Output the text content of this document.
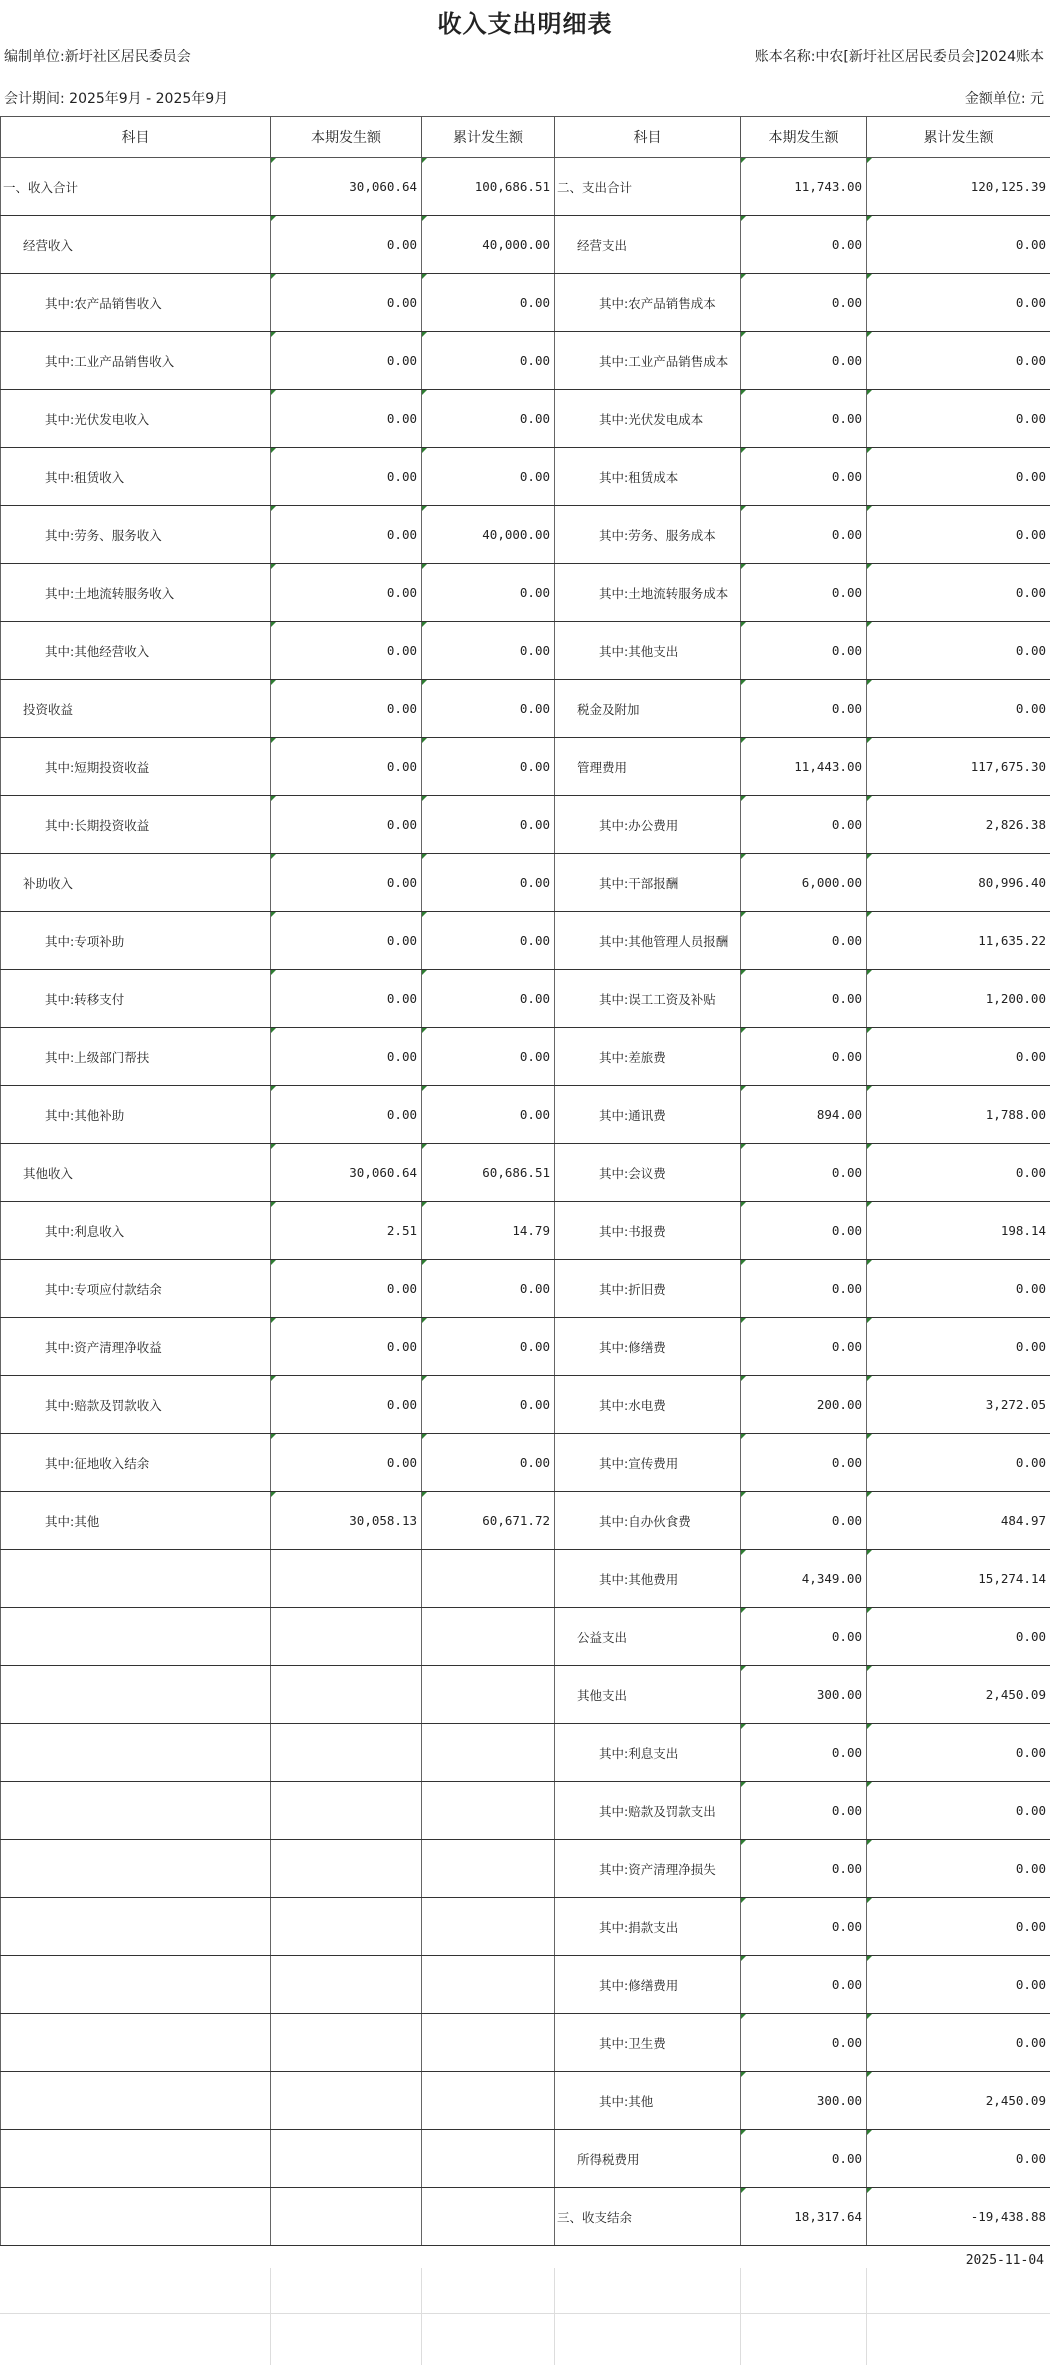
收入支出明细表
编制单位:新圩社区居民委员会	账本名称:中农[新圩社区居民委员会]2024账本
会计期间: 2025年9月 - 2025年9月	金额单位: 元
科目	本期发生额	累计发生额	科目	本期发生额	累计发生额
一、收入合计	30,060.64	100,686.51	二、支出合计	11,743.00	120,125.39
经营收入	0.00	40,000.00	经营支出	0.00	0.00
其中:农产品销售收入	0.00	0.00	其中:农产品销售成本	0.00	0.00
其中:工业产品销售收入	0.00	0.00	其中:工业产品销售成本	0.00	0.00
其中:光伏发电收入	0.00	0.00	其中:光伏发电成本	0.00	0.00
其中:租赁收入	0.00	0.00	其中:租赁成本	0.00	0.00
其中:劳务、服务收入	0.00	40,000.00	其中:劳务、服务成本	0.00	0.00
其中:土地流转服务收入	0.00	0.00	其中:土地流转服务成本	0.00	0.00
其中:其他经营收入	0.00	0.00	其中:其他支出	0.00	0.00
投资收益	0.00	0.00	税金及附加	0.00	0.00
其中:短期投资收益	0.00	0.00	管理费用	11,443.00	117,675.30
其中:长期投资收益	0.00	0.00	其中:办公费用	0.00	2,826.38
补助收入	0.00	0.00	其中:干部报酬	6,000.00	80,996.40
其中:专项补助	0.00	0.00	其中:其他管理人员报酬	0.00	11,635.22
其中:转移支付	0.00	0.00	其中:误工工资及补贴	0.00	1,200.00
其中:上级部门帮扶	0.00	0.00	其中:差旅费	0.00	0.00
其中:其他补助	0.00	0.00	其中:通讯费	894.00	1,788.00
其他收入	30,060.64	60,686.51	其中:会议费	0.00	0.00
其中:利息收入	2.51	14.79	其中:书报费	0.00	198.14
其中:专项应付款结余	0.00	0.00	其中:折旧费	0.00	0.00
其中:资产清理净收益	0.00	0.00	其中:修缮费	0.00	0.00
其中:赔款及罚款收入	0.00	0.00	其中:水电费	200.00	3,272.05
其中:征地收入结余	0.00	0.00	其中:宣传费用	0.00	0.00
其中:其他	30,058.13	60,671.72	其中:自办伙食费	0.00	484.97
			其中:其他费用	4,349.00	15,274.14
			公益支出	0.00	0.00
			其他支出	300.00	2,450.09
			其中:利息支出	0.00	0.00
			其中:赔款及罚款支出	0.00	0.00
			其中:资产清理净损失	0.00	0.00
			其中:捐款支出	0.00	0.00
			其中:修缮费用	0.00	0.00
			其中:卫生费	0.00	0.00
			其中:其他	300.00	2,450.09
			所得税费用	0.00	0.00
			三、收支结余	18,317.64	-19,438.88
2025-11-04
